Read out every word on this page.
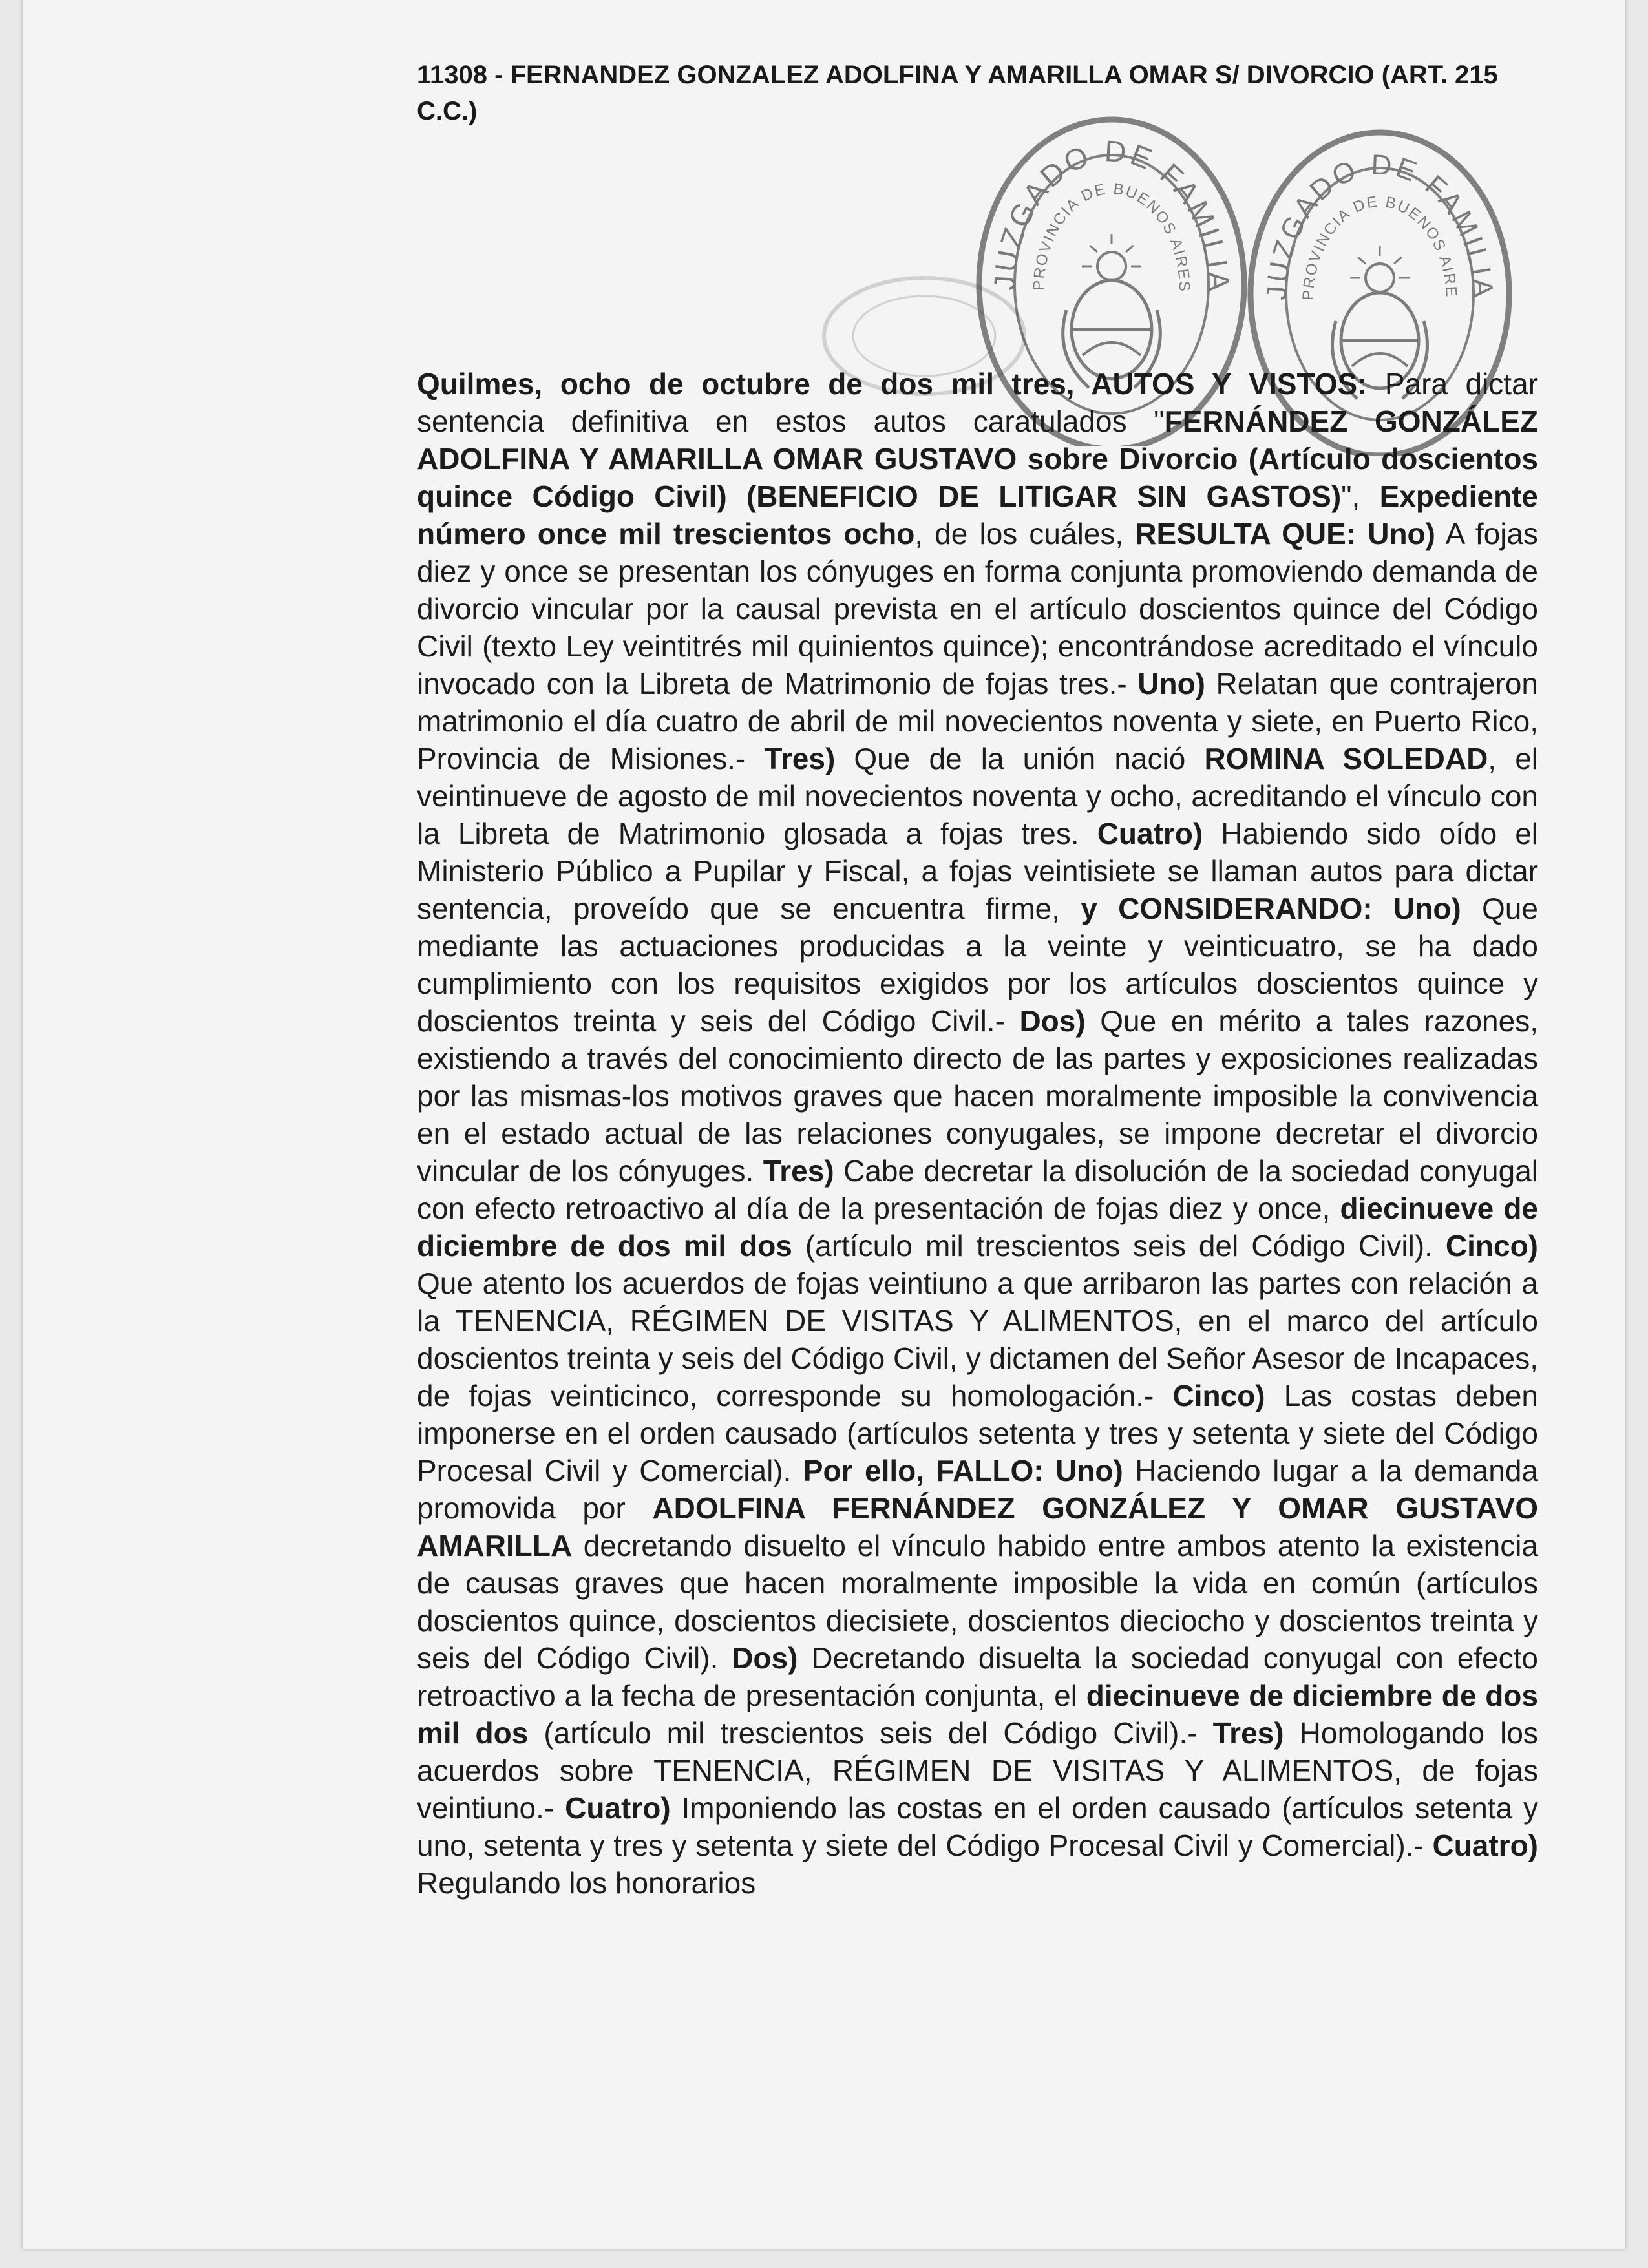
11308 - FERNANDEZ GONZALEZ ADOLFINA Y AMARILLA OMAR S/ DIVORCIO (ART. 215 C.C.)

JUZGADO DE FAMILIA
PROVINCIA DE BUENOS AIRES	JUZGADO DE FAMILIA
PROVINCIA DE BUENOS AIRE

Quilmes, ocho de octubre de dos mil tres, AUTOS Y VISTOS: Para dictar sentencia definitiva en estos autos caratulados "FERNÁNDEZ GONZÁLEZ ADOLFINA Y AMARILLA OMAR GUSTAVO sobre Divorcio (Artículo doscientos quince Código Civil) (BENEFICIO DE LITIGAR SIN GASTOS)", Expediente número once mil trescientos ocho, de los cuáles, RESULTA QUE: Uno) A fojas diez y once se presentan los cónyuges en forma conjunta promoviendo demanda de divorcio vincular por la causal prevista en el artículo doscientos quince del Código Civil (texto Ley veintitrés mil quinientos quince); encontrándose acreditado el vínculo invocado con la Libreta de Matrimonio de fojas tres.- Uno) Relatan que contrajeron matrimonio el día cuatro de abril de mil novecientos noventa y siete, en Puerto Rico, Provincia de Misiones.- Tres) Que de la unión nació ROMINA SOLEDAD, el veintinueve de agosto de mil novecientos noventa y ocho, acreditando el vínculo con la Libreta de Matrimonio glosada a fojas tres. Cuatro) Habiendo sido oído el Ministerio Público a Pupilar y Fiscal, a fojas veintisiete se llaman autos para dictar sentencia, proveído que se encuentra firme, y CONSIDERANDO: Uno) Que mediante las actuaciones producidas a la veinte y veinticuatro, se ha dado cumplimiento con los requisitos exigidos por los artículos doscientos quince y doscientos treinta y seis del Código Civil.- Dos) Que en mérito a tales razones, existiendo a través del conocimiento directo de las partes y exposiciones realizadas por las mismas-los motivos graves que hacen moralmente imposible la convivencia en el estado actual de las relaciones conyugales, se impone decretar el divorcio vincular de los cónyuges. Tres) Cabe decretar la disolución de la sociedad conyugal con efecto retroactivo al día de la presentación de fojas diez y once, diecinueve de diciembre de dos mil dos (artículo mil trescientos seis del Código Civil). Cinco) Que atento los acuerdos de fojas veintiuno a que arribaron las partes con relación a la TENENCIA, RÉGIMEN DE VISITAS Y ALIMENTOS, en el marco del artículo doscientos treinta y seis del Código Civil, y dictamen del Señor Asesor de Incapaces, de fojas veinticinco, corresponde su homologación.- Cinco) Las costas deben imponerse en el orden causado (artículos setenta y tres y setenta y siete del Código Procesal Civil y Comercial). Por ello, FALLO: Uno) Haciendo lugar a la demanda promovida por ADOLFINA FERNÁNDEZ GONZÁLEZ Y OMAR GUSTAVO AMARILLA decretando disuelto el vínculo habido entre ambos atento la existencia de causas graves que hacen moralmente imposible la vida en común (artículos doscientos quince, doscientos diecisiete, doscientos dieciocho y doscientos treinta y seis del Código Civil). Dos) Decretando disuelta la sociedad conyugal con efecto retroactivo a la fecha de presentación conjunta, el diecinueve de diciembre de dos mil dos (artículo mil trescientos seis del Código Civil).- Tres) Homologando los acuerdos sobre TENENCIA, RÉGIMEN DE VISITAS Y ALIMENTOS, de fojas veintiuno.- Cuatro) Imponiendo las costas en el orden causado (artículos setenta y uno, setenta y tres y setenta y siete del Código Procesal Civil y Comercial).- Cuatro) Regulando los honorarios
